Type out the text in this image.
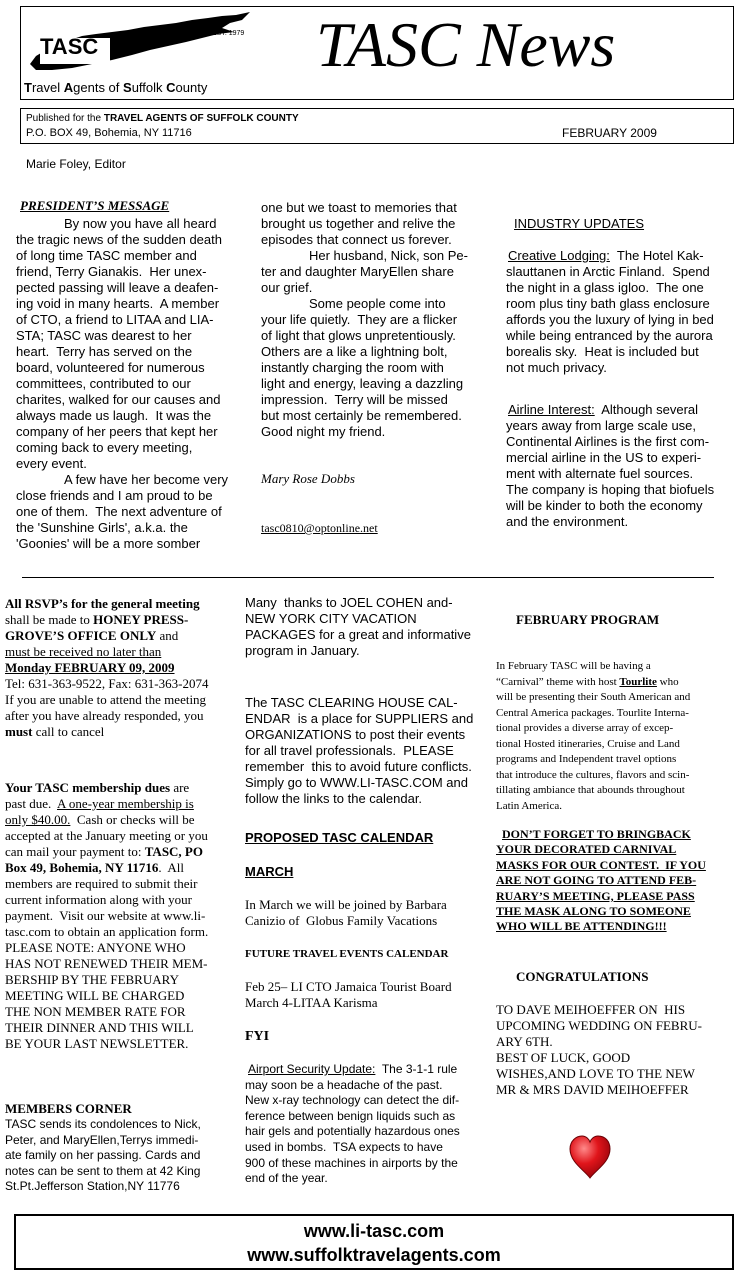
TASC
EST. 1979
Travel Agents of Suffolk County
TASC News
Published for the TRAVEL AGENTS OF SUFFOLK COUNTY
P.O. BOX 49, Bohemia, NY 11716	FEBRUARY 2009
Marie Foley, Editor
PRESIDENT’S MESSAGE
By now you have all heard
the tragic news of the sudden death
of long time TASC member and
friend, Terry Gianakis.  Her unex-
pected passing will leave a deafen-
ing void in many hearts.  A member
of CTO, a friend to LITAA and LIA-
STA; TASC was dearest to her
heart.  Terry has served on the
board, volunteered for numerous
committees, contributed to our
charites, walked for our causes and
always made us laugh.  It was the
company of her peers that kept her
coming back to every meeting,
every event.
A few have her become very
close friends and I am proud to be
one of them.  The next adventure of
the 'Sunshine Girls', a.k.a. the
'Goonies' will be a more somber
one but we toast to memories that
brought us together and relive the
episodes that connect us forever.
Her husband, Nick, son Pe-
ter and daughter MaryEllen share
our grief.
Some people come into
your life quietly.  They are a flicker
of light that glows unpretentiously.
Others are a like a lightning bolt,
instantly charging the room with
light and energy, leaving a dazzling
impression.  Terry will be missed
but most certainly be remembered.
Good night my friend.
Mary Rose Dobbs
tasc0810@optonline.net
INDUSTRY UPDATES
Creative Lodging:  The Hotel Kak-
slauttanen in Arctic Finland.  Spend
the night in a glass igloo.  The one
room plus tiny bath glass enclosure
affords you the luxury of lying in bed
while being entranced by the aurora
borealis sky.  Heat is included but
not much privacy.
Airline Interest:  Although several
years away from large scale use,
Continental Airlines is the first com-
mercial airline in the US to experi-
ment with alternate fuel sources.
The company is hoping that biofuels
will be kinder to both the economy
and the environment.
All RSVP’s for the general meeting
shall be made to HONEY PRESS-
GROVE’S OFFICE ONLY and
must be received no later than
Monday FEBRUARY 09, 2009
Tel: 631-363-9522, Fax: 631-363-2074
If you are unable to attend the meeting
after you have already responded, you
must call to cancel
Your TASC membership dues are
past due.  A one-year membership is
only $40.00.  Cash or checks will be
accepted at the January meeting or you
can mail your payment to: TASC, PO
Box 49, Bohemia, NY 11716.  All
members are required to submit their
current information along with your
payment.  Visit our website at www.li-
tasc.com to obtain an application form.
PLEASE NOTE: ANYONE WHO
HAS NOT RENEWED THEIR MEM-
BERSHIP BY THE FEBRUARY
MEETING WILL BE CHARGED
THE NON MEMBER RATE FOR
THEIR DINNER AND THIS WILL
BE YOUR LAST NEWSLETTER.
MEMBERS CORNER
TASC sends its condolences to Nick,
Peter, and MaryEllen,Terrys immedi-
ate family on her passing. Cards and
notes can be sent to them at 42 King
St.Pt.Jefferson Station,NY 11776
Many  thanks to JOEL COHEN and-
NEW YORK CITY VACATION
PACKAGES for a great and informative
program in January.
The TASC CLEARING HOUSE CAL-
ENDAR  is a place for SUPPLIERS and
ORGANIZATIONS to post their events
for all travel professionals.  PLEASE
remember  this to avoid future conflicts.
Simply go to WWW.LI-TASC.COM and
follow the links to the calendar.
PROPOSED TASC CALENDAR
MARCH
In March we will be joined by Barbara
Canizio of  Globus Family Vacations
FUTURE TRAVEL EVENTS CALENDAR
Feb 25– LI CTO Jamaica Tourist Board
March 4-LITAA Karisma
FYI
Airport Security Update:  The 3-1-1 rule
may soon be a headache of the past.
New x-ray technology can detect the dif-
ference between benign liquids such as
hair gels and potentially hazardous ones
used in bombs.  TSA expects to have
900 of these machines in airports by the
end of the year.
FEBRUARY PROGRAM
In February TASC will be having a
“Carnival” theme with host Tourlite who
will be presenting their South American and
Central America packages. Tourlite Interna-
tional provides a diverse array of excep-
tional Hosted itineraries, Cruise and Land
programs and Independent travel options
that introduce the cultures, flavors and scin-
tillating ambiance that abounds throughout
Latin America.
DON’T FORGET TO BRINGBACK
YOUR DECORATED CARNIVAL
MASKS FOR OUR CONTEST.  IF YOU
ARE NOT GOING TO ATTEND FEB-
RUARY’S MEETING, PLEASE PASS
THE MASK ALONG TO SOMEONE
WHO WILL BE ATTENDING!!!
CONGRATULATIONS
TO DAVE MEIHOEFFER ON  HIS
UPCOMING WEDDING ON FEBRU-
ARY 6TH.
BEST OF LUCK, GOOD
WISHES,AND LOVE TO THE NEW
MR & MRS DAVID MEIHOEFFER
www.li-tasc.com
www.suffolktravelagents.com
